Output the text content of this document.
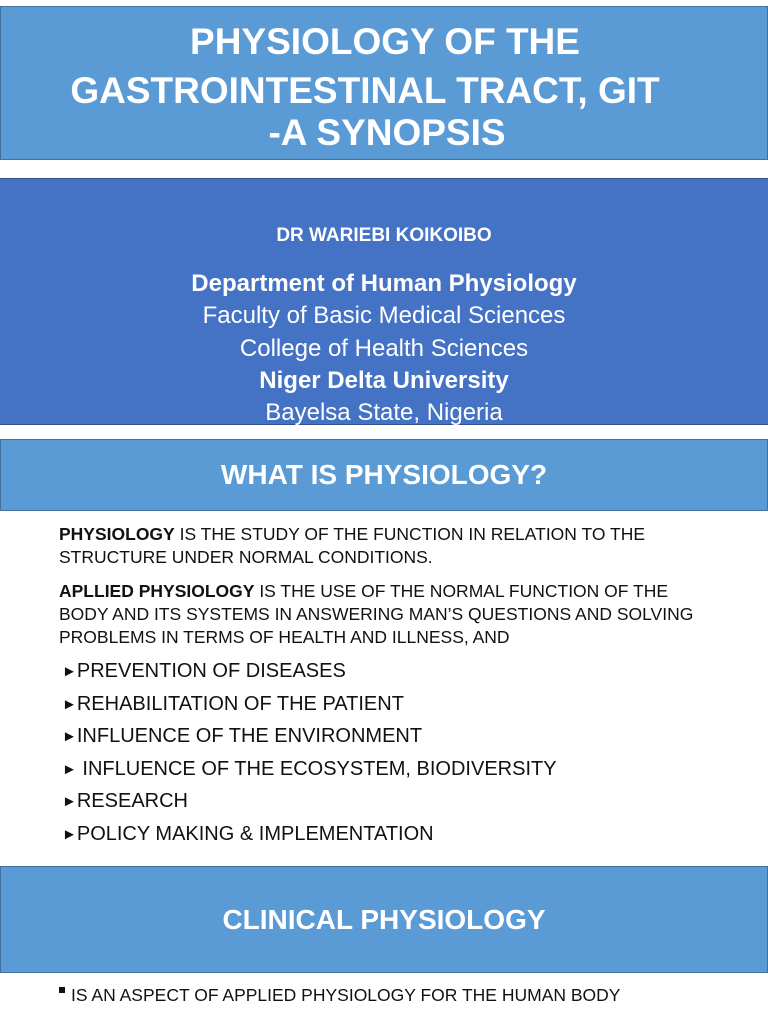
PHYSIOLOGY OF THE
GASTROINTESTINAL TRACT, GIT
-A SYNOPSIS
DR WARIEBI KOIKOIBO
Department of Human Physiology
Faculty of Basic Medical Sciences
College of Health Sciences
Niger Delta University
Bayelsa State, Nigeria
WHAT IS PHYSIOLOGY?

PHYSIOLOGY IS THE STUDY OF THE FUNCTION IN RELATION TO THE STRUCTURE UNDER NORMAL CONDITIONS.

APLLIED PHYSIOLOGY IS THE USE OF THE NORMAL FUNCTION OF THE BODY AND ITS SYSTEMS IN ANSWERING MAN’S QUESTIONS AND SOLVING PROBLEMS IN TERMS OF HEALTH AND ILLNESS, AND

►PREVENTION OF DISEASES
►REHABILITATION OF THE PATIENT
►INFLUENCE OF THE ENVIRONMENT
► INFLUENCE OF THE ECOSYSTEM, BIODIVERSITY
►RESEARCH
►POLICY MAKING & IMPLEMENTATION
CLINICAL PHYSIOLOGY
IS AN ASPECT OF APPLIED PHYSIOLOGY FOR THE HUMAN BODY
